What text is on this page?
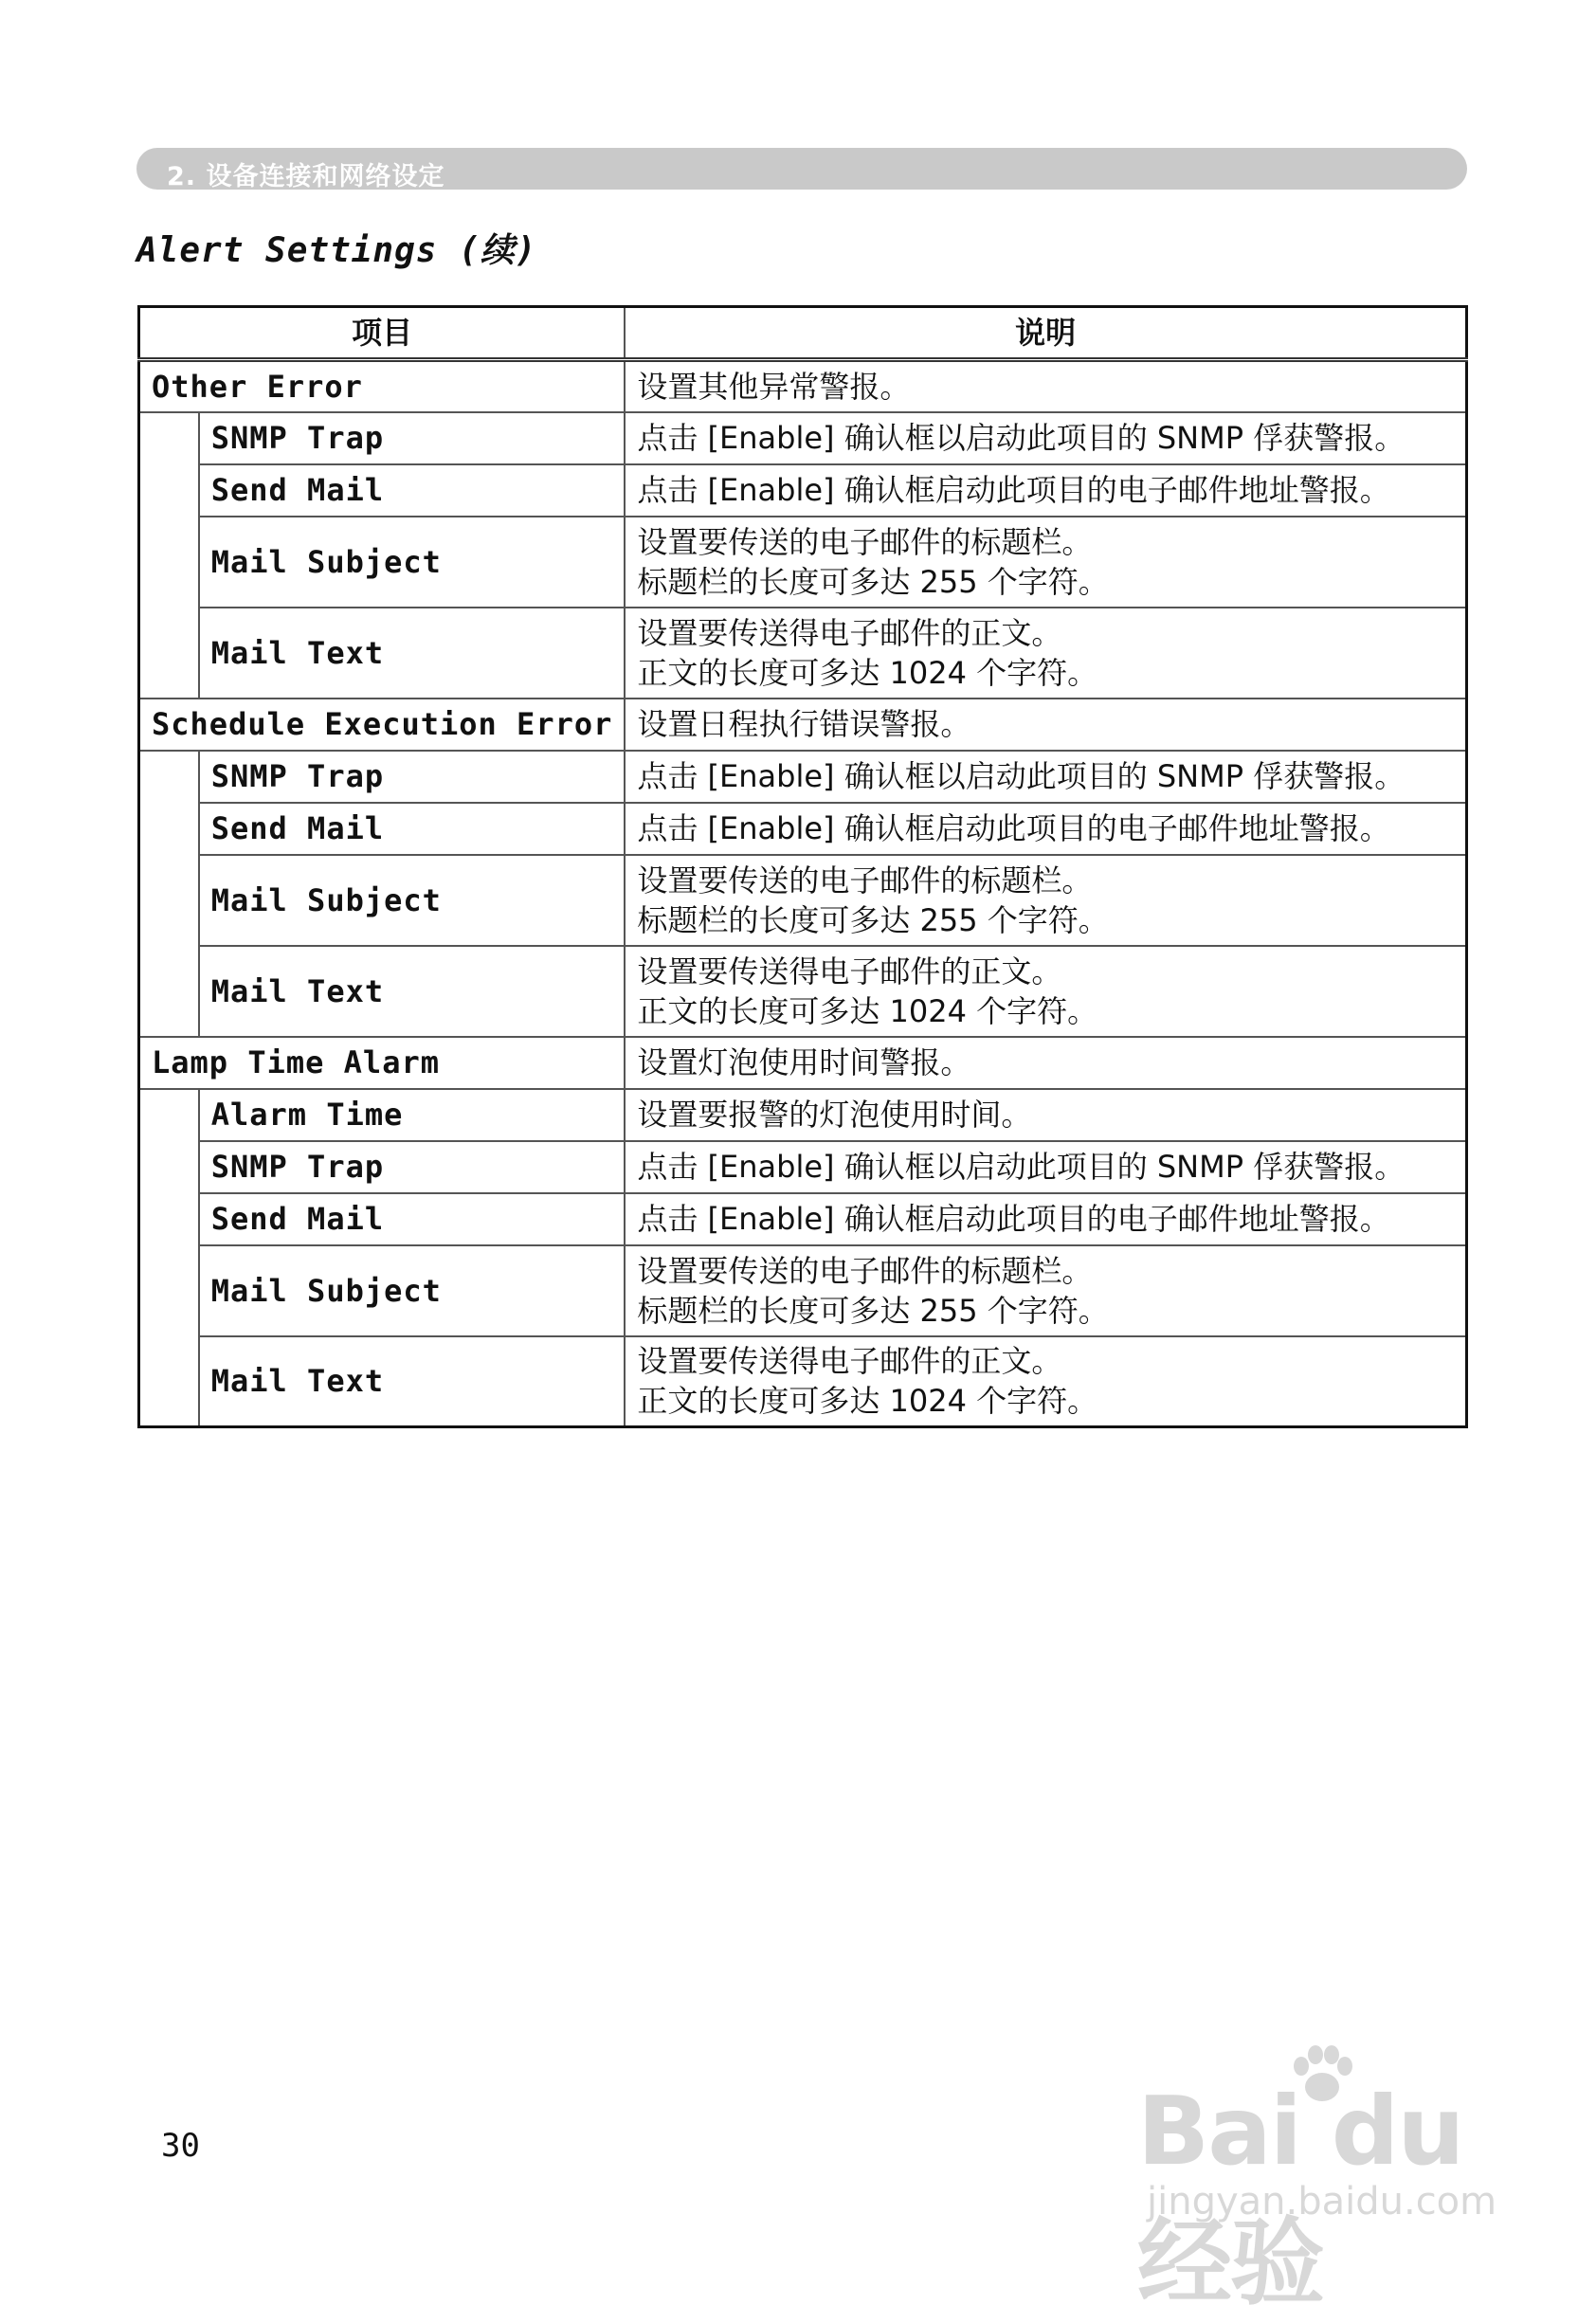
2. 设备连接和网络设定
Alert Settings (续)
项目		说明
Other Error		设置其他异常警报。
	SNMP Trap	点击 [Enable] 确认框以启动此项目的 SNMP 俘获警报。

	Send Mail	点击 [Enable] 确认框启动此项目的电子邮件地址警报。

	Mail Subject	设置要传送的电子邮件的标题栏。
标题栏的长度可多达 255 个字符。

	Mail Text	设置要传送得电子邮件的正文。
正文的长度可多达 1024 个字符。

Schedule Execution Error		设置日程执行错误警报。
	SNMP Trap	点击 [Enable] 确认框以启动此项目的 SNMP 俘获警报。

	Send Mail	点击 [Enable] 确认框启动此项目的电子邮件地址警报。

	Mail Subject	设置要传送的电子邮件的标题栏。
标题栏的长度可多达 255 个字符。

	Mail Text	设置要传送得电子邮件的正文。
正文的长度可多达 1024 个字符。

Lamp Time Alarm		设置灯泡使用时间警报。
	Alarm Time	设置要报警的灯泡使用时间。

	SNMP Trap	点击 [Enable] 确认框以启动此项目的 SNMP 俘获警报。

	Send Mail	点击 [Enable] 确认框启动此项目的电子邮件地址警报。

	Mail Subject	设置要传送的电子邮件的标题栏。
标题栏的长度可多达 255 个字符。

	Mail Text	设置要传送得电子邮件的正文。
正文的长度可多达 1024 个字符。
30	Bai du 经验
jingyan.baidu.com
